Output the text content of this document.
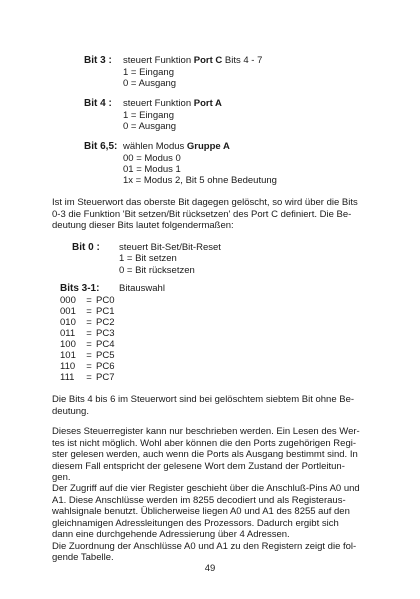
Bit 3 : steuert Funktion Port C Bits 4 - 7
1 = Eingang
0 = Ausgang
Bit 4 : steuert Funktion Port A
1 = Eingang
0 = Ausgang
Bit 6,5: wählen Modus Gruppe A
00 = Modus 0
01 = Modus 1
1x = Modus 2, Bit 5 ohne Bedeutung
Ist im Steuerwort das oberste Bit dagegen gelöscht, so wird über die Bits
0-3 die Funktion 'Bit setzen/Bit rücksetzen' des Port C definiert. Die Be-
deutung dieser Bits lautet folgendermaßen:
Bit 0 : steuert Bit-Set/Bit-Reset
1 = Bit setzen
0 = Bit rücksetzen
Bits 3-1: Bitauswahl
000 = PC0
001 = PC1
010 = PC2
011 = PC3
100 = PC4
101 = PC5
110 = PC6
111 = PC7
Die Bits 4 bis 6 im Steuerwort sind bei gelöschtem siebtem Bit ohne Be-
deutung.
Dieses Steuerregister kann nur beschrieben werden. Ein Lesen des Wer-
tes ist nicht möglich. Wohl aber können die den Ports zugehörigen Regi-
ster gelesen werden, auch wenn die Ports als Ausgang bestimmt sind. In
diesem Fall entspricht der gelesene Wort dem Zustand der Portleitun-
gen.
Der Zugriff auf die vier Register geschieht über die Anschluß-Pins A0 und
A1. Diese Anschlüsse werden im 8255 decodiert und als Registeraus-
wahlsignale benutzt. Üblicherweise liegen A0 und A1 des 8255 auf den
gleichnamigen Adressleitungen des Prozessors. Dadurch ergibt sich
dann eine durchgehende Adressierung über 4 Adressen.
Die Zuordnung der Anschlüsse A0 und A1 zu den Registern zeigt die fol-
gende Tabelle.
49
